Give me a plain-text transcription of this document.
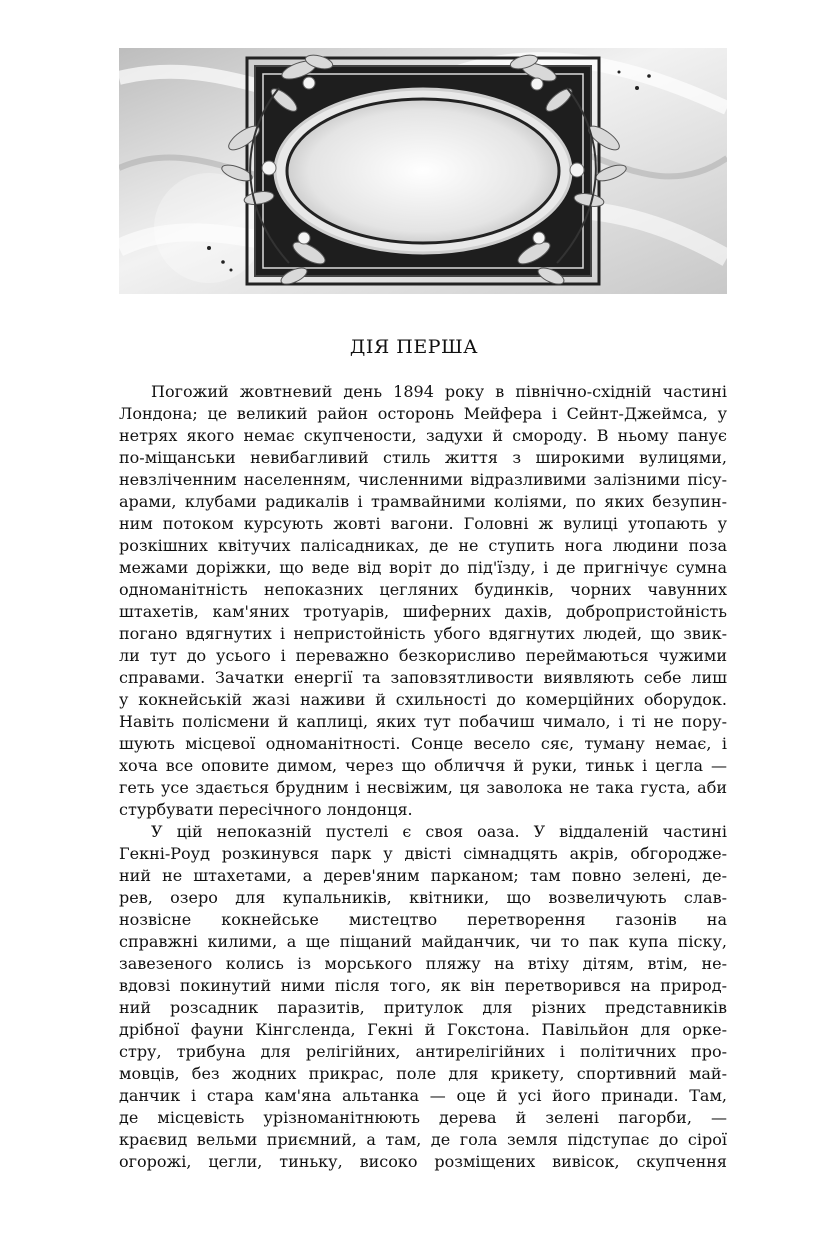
ДІЯ ПЕРША

Погожий жовтневий день 1894 року в північно-східній частині
Лондона; це великий район осторонь Мейфера і Сейнт-Джеймса, у
нетрях якого немає скупчености, задухи й смороду. В ньому панує
по-міщанськи невибагливий стиль життя з широкими вулицями,
невзліченним населенням, численними відразливими залізними пісу-
арами, клубами радикалів і трамвайними коліями, по яких безупин-
ним потоком курсують жовті вагони. Головні ж вулиці утопають у
розкішних квітучих палісадниках, де не ступить нога людини поза
межами доріжки, що веде від воріт до під'їзду, і де пригнічує сумна
одноманітність непоказних цегляних будинків, чорних чавунних
штахетів, кам'яних тротуарів, шиферних дахів, добропристойність
погано вдягнутих і непристойність убого вдягнутих людей, що звик-
ли тут до усього і переважно безкорисливо переймаються чужими
справами. Зачатки енергії та заповзятливости виявляють себе лиш
у кокнейській жазі наживи й схильності до комерційних оборудок.
Навіть полісмени й каплиці, яких тут побачиш чимало, і ті не пору-
шують місцевої одноманітності. Сонце весело сяє, туману немає, і
хоча все оповите димом, через що обличчя й руки, тиньк і цегла —
геть усе здається брудним і несвіжим, ця заволока не така густа, аби
стурбувати пересічного лондонця.

У цій непоказній пустелі є своя оаза. У віддаленій частині
Гекні-Роуд розкинувся парк у двісті сімнадцять акрів, обгородже-
ний не штахетами, а дерев'яним парканом; там повно зелені, де-
рев, озеро для купальників, квітники, що возвеличують слав-
нозвісне кокнейське мистецтво перетворення газонів на
справжні килими, а ще піщаний майданчик, чи то пак купа піску,
завезеного колись із морського пляжу на втіху дітям, втім, не-
вдовзі покинутий ними після того, як він перетворився на природ-
ний розсадник паразитів, притулок для різних представників
дрібної фауни Кінгсленда, Гекні й Гокстона. Павільйон для орке-
стру, трибуна для релігійних, антирелігійних і політичних про-
мовців, без жодних прикрас, поле для крикету, спортивний май-
данчик і стара кам'яна альтанка — оце й усі його принади. Там,
де місцевість урізноманітнюють дерева й зелені пагорби, —
краєвид вельми приємний, а там, де гола земля підступає до сірої
огорожі, цегли, тиньку, високо розміщених вивісок, скупчення
